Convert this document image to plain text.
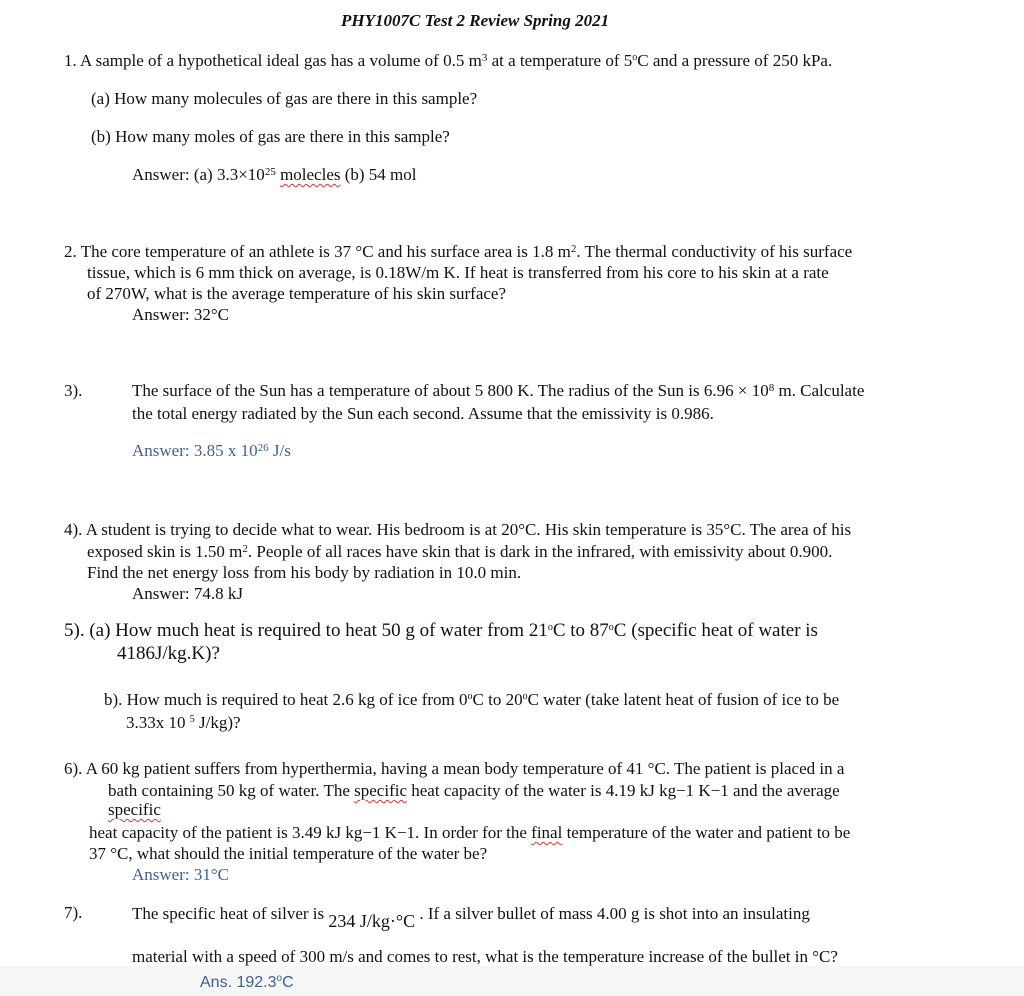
PHY1007C Test 2 Review Spring 2021
1. A sample of a hypothetical ideal gas has a volume of 0.5 $m^3$ at a temperature of 5$^o$C and a pressure of 250 kPa.
(a) How many molecules of gas are there in this sample?
(b) How many moles of gas are there in this sample?
Answer: (a) $3.3\times 10^{25}$ molecles (b) 54 mol
2. The core temperature of an athlete is 37 °C and his surface area is 1.8 $m^2$. The thermal conductivity of his surface
tissue, which is 6 mm thick on average, is 0.18W/m K. If heat is transferred from his core to his skin at a rate
of 270W, what is the average temperature of his skin surface?
Answer: 32°C
3).	The surface of the Sun has a temperature of about 5 800 K. The radius of the Sun is $6.96 \times 10^8$ m. Calculate
the total energy radiated by the Sun each second. Assume that the emissivity is 0.986.
Answer: 3.85 x $10^{26}$ J/s
4). A student is trying to decide what to wear. His bedroom is at 20°C. His skin temperature is 35°C. The area of his
exposed skin is 1.50 $m^2$. People of all races have skin that is dark in the infrared, with emissivity about 0.900.
Find the net energy loss from his body by radiation in 10.0 min.
Answer: 74.8 kJ
5). (a) How much heat is required to heat 50 g of water from 21$^o$C to 87$^o$C (specific heat of water is
4186J/kg.K)?
b). How much is required to heat 2.6 kg of ice from 0$^o$C to 20$^o$C water (take latent heat of fusion of ice to be
3.33x 10 $^5$ J/kg)?
6). A 60 kg patient suffers from hyperthermia, having a mean body temperature of 41 °C. The patient is placed in a
bath containing 50 kg of water. The specific heat capacity of the water is 4.19 kJ kg−1 K−1 and the average
specific
heat capacity of the patient is 3.49 kJ kg−1 K−1. In order for the final temperature of the water and patient to be
37 °C, what should the initial temperature of the water be?
Answer: 31°C
7).	The specific heat of silver is 234 J/kg·°C . If a silver bullet of mass 4.00 g is shot into an insulating
material with a speed of 300 m/s and comes to rest, what is the temperature increase of the bullet in °C?
Ans. 192.3$^o$C
